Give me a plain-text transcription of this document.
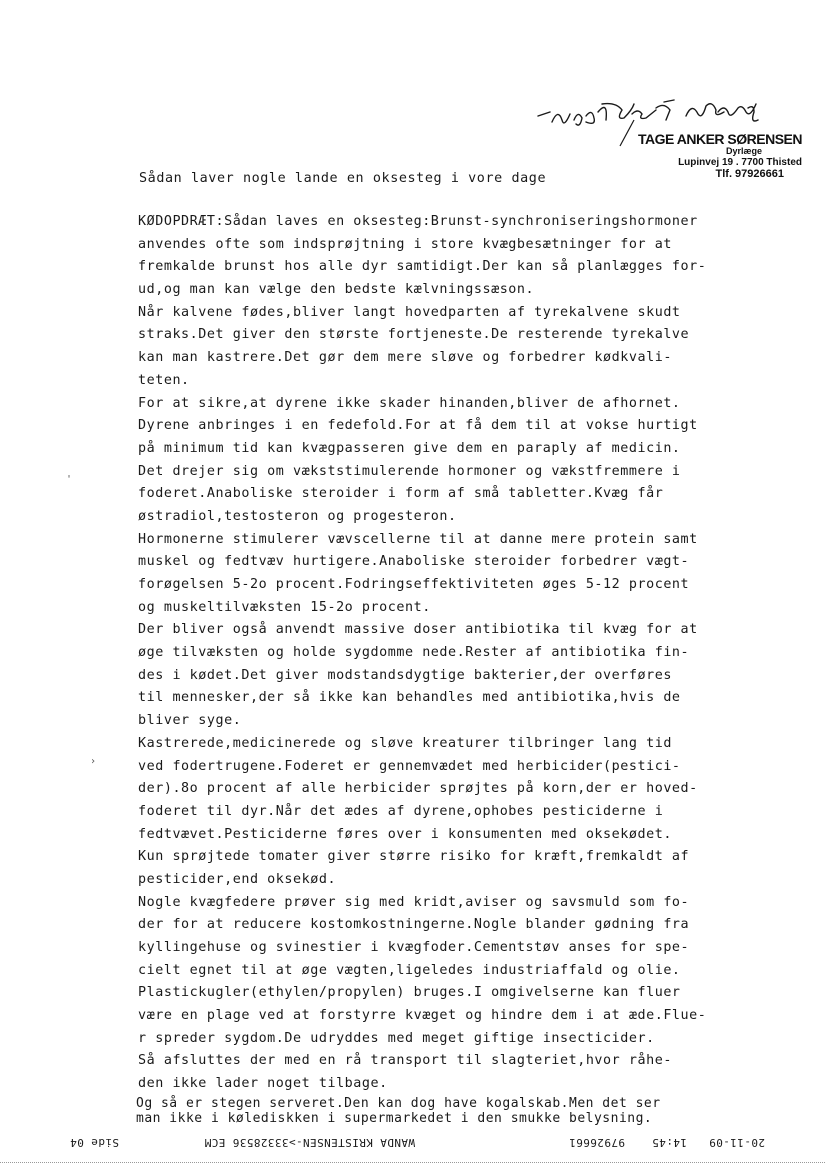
TAGE ANKER SØRENSEN
Dyrlæge
Lupinvej 19 . 7700 Thisted
Tlf. 97926661
Sådan laver nogle lande en oksesteg i vore dage
KØDOPDRÆT:Sådan laves en oksesteg:Brunst-synchroniseringshormoner
anvendes ofte som indsprøjtning i store kvægbesætninger for at
fremkalde brunst hos alle dyr samtidigt.Der kan så planlægges for-
ud,og man kan vælge den bedste kælvningssæson.
Når kalvene fødes,bliver langt hovedparten af tyrekalvene skudt
straks.Det giver den største fortjeneste.De resterende tyrekalve
kan man kastrere.Det gør dem mere sløve og forbedrer kødkvali-
teten.
For at sikre,at dyrene ikke skader hinanden,bliver de afhornet.
Dyrene anbringes i en fedefold.For at få dem til at vokse hurtigt
på minimum tid kan kvægpasseren give dem en paraply af medicin.
Det drejer sig om vækststimulerende hormoner og vækstfremmere i
foderet.Anaboliske steroider i form af små tabletter.Kvæg får
østradiol,testosteron og progesteron.
Hormonerne stimulerer vævscellerne til at danne mere protein samt
muskel og fedtvæv hurtigere.Anaboliske steroider forbedrer vægt-
forøgelsen 5-2o procent.Fodringseffektiviteten øges 5-12 procent
og muskeltilvæksten 15-2o procent.
Der bliver også anvendt massive doser antibiotika til kvæg for at
øge tilvæksten og holde sygdomme nede.Rester af antibiotika fin-
des i kødet.Det giver modstandsdygtige bakterier,der overføres
til mennesker,der så ikke kan behandles med antibiotika,hvis de
bliver syge.
Kastrerede,medicinerede og sløve kreaturer tilbringer lang tid
ved fodertrugene.Foderet er gennemvædet med herbicider(pestici-
der).8o procent af alle herbicider sprøjtes på korn,der er hoved-
foderet til dyr.Når det ædes af dyrene,ophobes pesticiderne i
fedtvævet.Pesticiderne føres over i konsumenten med oksekødet.
Kun sprøjtede tomater giver større risiko for kræft,fremkaldt af
pesticider,end oksekød.
Nogle kvægfedere prøver sig med kridt,aviser og savsmuld som fo-
der for at reducere kostomkostningerne.Nogle blander gødning fra
kyllingehuse og svinestier i kvægfoder.Cementstøv anses for spe-
cielt egnet til at øge vægten,ligeledes industriaffald og olie.
Plastickugler(ethylen/propylen) bruges.I omgivelserne kan fluer
være en plage ved at forstyrre kvæget og hindre dem i at æde.Flue-
r spreder sygdom.De udryddes med meget giftige insecticider.
Så afsluttes der med en rå transport til slagteriet,hvor råhe-
den ikke lader noget tilbage.
Og så er stegen serveret.Den kan dog have kogalskab.Men det ser
man ikke i kølediskken i supermarkedet i den smukke belysning.
'
›
20-11-09
14:45
97926661
WANDA KRISTENSEN->33328536 ECM
Side 04
